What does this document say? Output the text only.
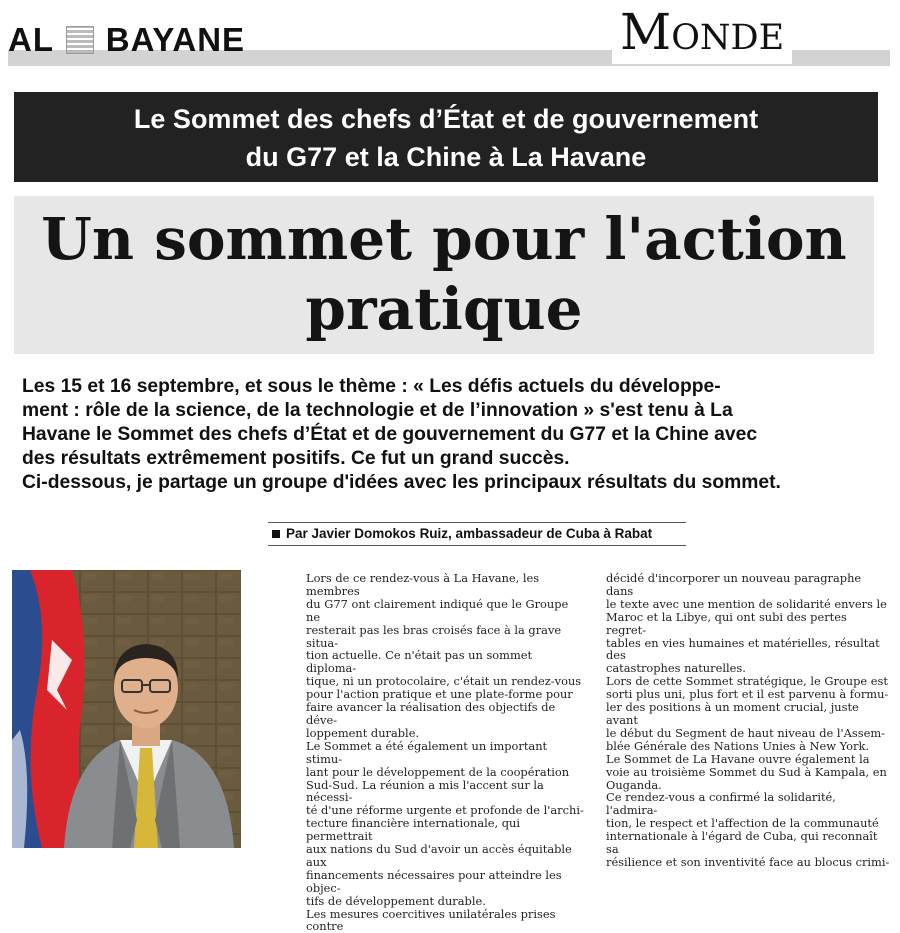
AL BAYANE	Monde
Le Sommet des chefs d’État et de gouvernement
du G77 et la Chine à La Havane
Un sommet pour l'action
pratique

Les 15 et 16 septembre, et sous le thème : « Les défis actuels du développe-

ment : rôle de la science, de la technologie et de l’innovation » s'est tenu à La

Havane le Sommet des chefs d’État et de gouvernement du G77 et la Chine avec

des résultats extrêmement positifs. Ce fut un grand succès.

Ci-dessous, je partage un groupe d'idées avec les principaux résultats du sommet.

Par Javier Domokos Ruiz, ambassadeur de Cuba à Rabat

Lors de ce rendez-vous à La Havane, les membres

du G77 ont clairement indiqué que le Groupe ne

resterait pas les bras croisés face à la grave situa-

tion actuelle. Ce n'était pas un sommet diploma-

tique, ni un protocolaire, c'était un rendez-vous

pour l'action pratique et une plate-forme pour

faire avancer la réalisation des objectifs de déve-

loppement durable.

Le Sommet a été également un important stimu-

lant pour le développement de la coopération

Sud-Sud. La réunion a mis l'accent sur la nécessi-

té d'une réforme urgente et profonde de l'archi-

tecture financière internationale, qui permettrait

aux nations du Sud d'avoir un accès équitable aux

financements nécessaires pour atteindre les objec-

tifs de développement durable.

Les mesures coercitives unilatérales prises contre

décidé d'incorporer un nouveau paragraphe dans

le texte avec une mention de solidarité envers le

Maroc et la Libye, qui ont subi des pertes regret-

tables en vies humaines et matérielles, résultat des

catastrophes naturelles.

Lors de cette Sommet stratégique, le Groupe est

sorti plus uni, plus fort et il est parvenu à formu-

ler des positions à un moment crucial, juste avant

le début du Segment de haut niveau de l'Assem-

blée Générale des Nations Unies à New York.

Le Sommet de La Havane ouvre également la

voie au troisième Sommet du Sud à Kampala, en

Ouganda.

Ce rendez-vous a confirmé la solidarité, l'admira-

tion, le respect et l'affection de la communauté

internationale à l'égard de Cuba, qui reconnaît sa

résilience et son inventivité face au blocus crimi-
